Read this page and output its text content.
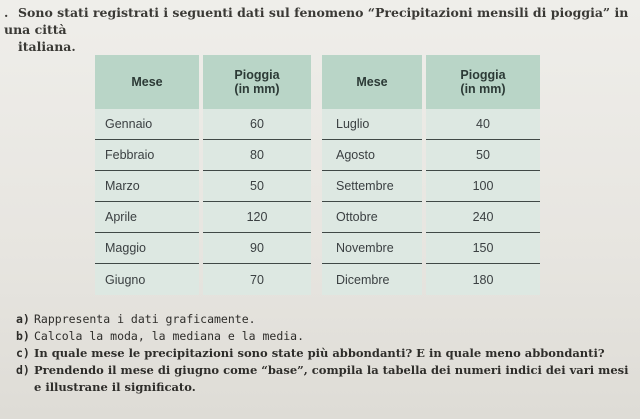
. Sono stati registrati i seguenti dati sul fenomeno “Precipitazioni mensili di pioggia” in una città
italiana.
Mese	Pioggia
(in mm)
Gennaio	60
Febbraio	80
Marzo	50
Aprile	120
Maggio	90
Giugno	70
Mese	Pioggia
(in mm)
Luglio	40
Agosto	50
Settembre	100
Ottobre	240
Novembre	150
Dicembre	180
a) Rappresenta i dati graficamente.
b) Calcola la moda, la mediana e la media.
c) In quale mese le precipitazioni sono state più abbondanti? E in quale meno abbondanti?
d) Prendendo il mese di giugno come “base”, compila la tabella dei numeri indici dei vari mesi e illustrane il significato.
